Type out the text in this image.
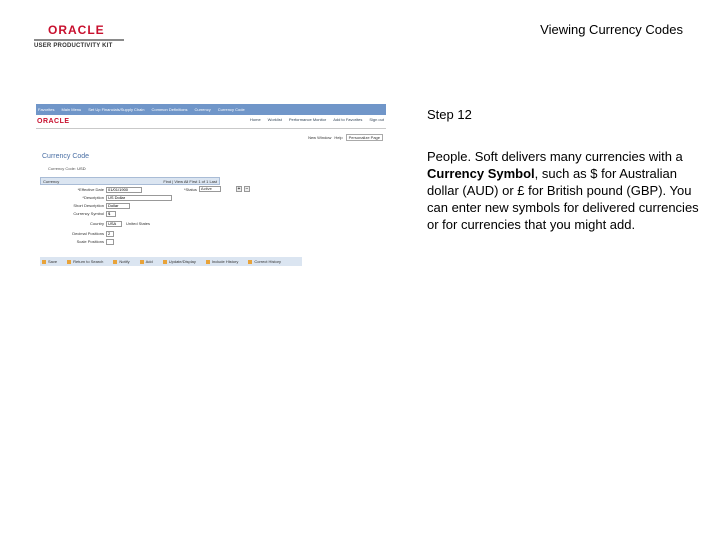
ORACLE
USER PRODUCTIVITY KIT
Viewing Currency Codes
Favorites Main Menu Set Up Financials/Supply Chain Common Definitions Currency Currency Code
ORACLE	Home Worklist Performance Monitor Add to Favorites Sign out
New Window Help	Personalize Page
Currency Code
Currency Code: USD
Currency	Find | View All First 1 of 1 Last
*Effective Date	01/01/1900	*Status	Active	+	−
*Description	US Dollar
Short Description	Dollar
Currency Symbol	$
Country	USA	United States
Decimal Positions	2
Scale Positions
Save	Return to Search	Notify	Add	Update/Display	Include History	Correct History
Step 12
People. Soft delivers many currencies with a Currency Symbol, such as $ for Australian dollar (AUD) or £ for British pound (GBP). You can enter new symbols for delivered currencies or for currencies that you might add.
